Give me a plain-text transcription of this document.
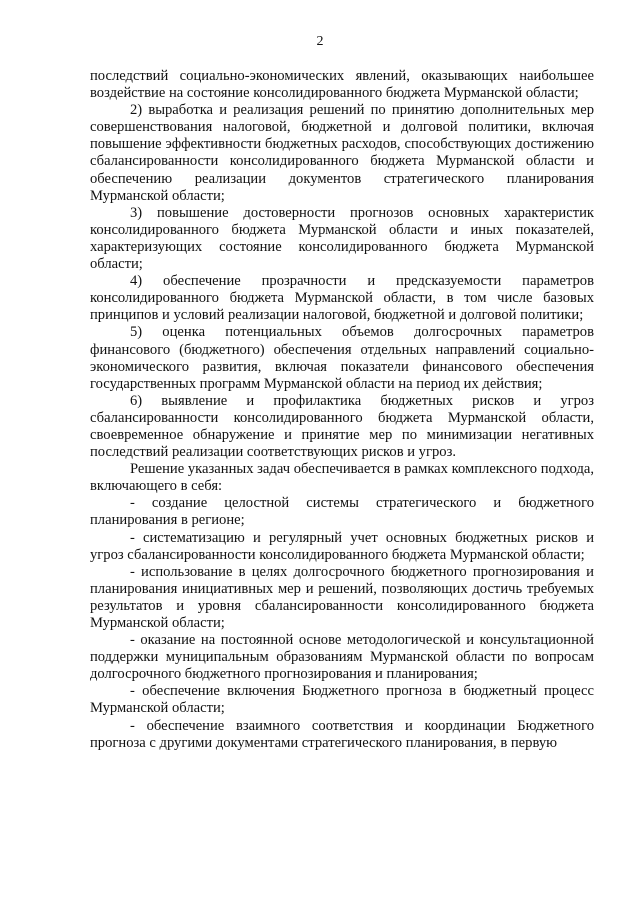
2

последствий социально-экономических явлений, оказывающих наибольшее воздействие на состояние консолидированного бюджета Мурманской области;

2) выработка и реализация решений по принятию дополнительных мер совершенствования налоговой, бюджетной и долговой политики, включая повышение эффективности бюджетных расходов, способствующих достижению сбалансированности консолидированного бюджета Мурманской области и обеспечению реализации документов стратегического планирования Мурманской области;

3) повышение достоверности прогнозов основных характеристик консолидированного бюджета Мурманской области и иных показателей, характеризующих состояние консолидированного бюджета Мурманской области;

4) обеспечение прозрачности и предсказуемости параметров консолидированного бюджета Мурманской области, в том числе базовых принципов и условий реализации налоговой, бюджетной и долговой политики;

5) оценка потенциальных объемов долгосрочных параметров финансового (бюджетного) обеспечения отдельных направлений социально-экономического развития, включая показатели финансового обеспечения государственных программ Мурманской области на период их действия;

6) выявление и профилактика бюджетных рисков и угроз сбалансированности консолидированного бюджета Мурманской области, своевременное обнаружение и принятие мер по минимизации негативных последствий реализации соответствующих рисков и угроз.

Решение указанных задач обеспечивается в рамках комплексного подхода, включающего в себя:

- создание целостной системы стратегического и бюджетного планирования в регионе;

- систематизацию и регулярный учет основных бюджетных рисков и угроз сбалансированности консолидированного бюджета Мурманской области;

- использование в целях долгосрочного бюджетного прогнозирования и планирования инициативных мер и решений, позволяющих достичь требуемых результатов и уровня сбалансированности консолидированного бюджета Мурманской области;

- оказание на постоянной основе методологической и консультационной поддержки муниципальным образованиям Мурманской области по вопросам долгосрочного бюджетного прогнозирования и планирования;

- обеспечение включения Бюджетного прогноза в бюджетный процесс Мурманской области;

- обеспечение взаимного соответствия и координации Бюджетного прогноза с другими документами стратегического планирования, в первую
